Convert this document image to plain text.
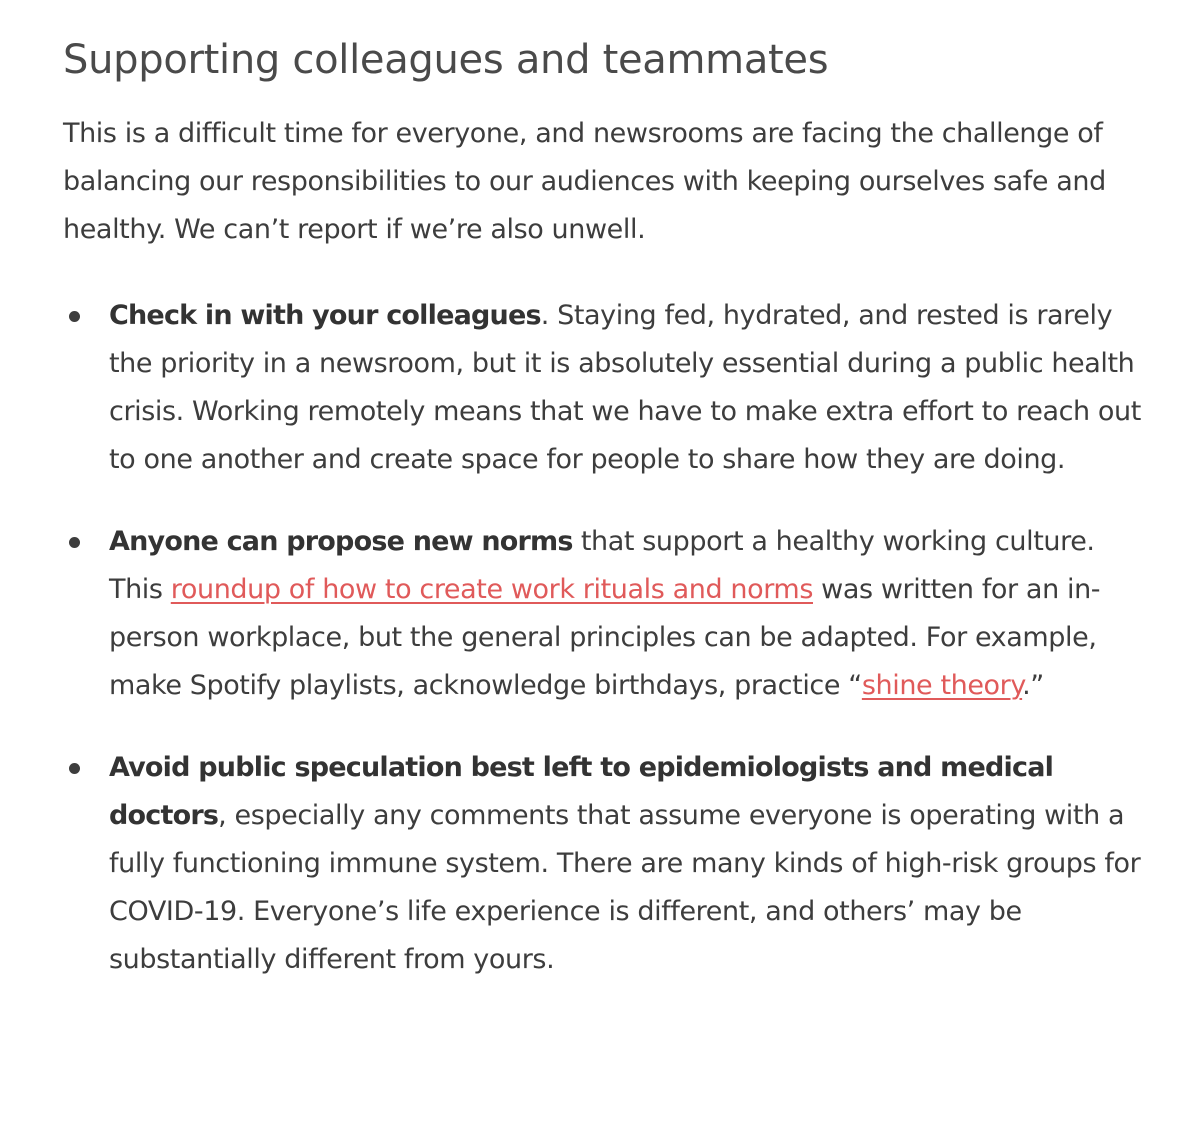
Supporting colleagues and teammates

This is a difficult time for everyone, and newsrooms are facing the challenge of balancing our responsibilities to our audiences with keeping ourselves safe and healthy. We can’t report if we’re also unwell.

Check in with your colleagues. Staying fed, hydrated, and rested is rarely the priority in a newsroom, but it is absolutely essential during a public health crisis. Working remotely means that we have to make extra effort to reach out to one another and create space for people to share how they are doing.
Anyone can propose new norms that support a healthy working culture. This roundup of how to create work rituals and norms was written for an in-person workplace, but the general principles can be adapted. For example, make Spotify playlists, acknowledge birthdays, practice “shine theory.”
Avoid public speculation best left to epidemiologists and medical doctors, especially any comments that assume everyone is operating with a fully functioning immune system. There are many kinds of high-risk groups for COVID-19. Everyone’s life experience is different, and others’ may be substantially different from yours.
